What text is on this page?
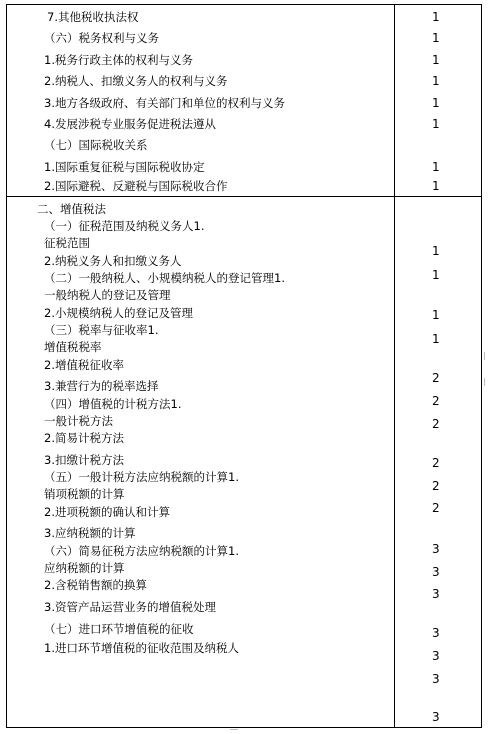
7.其他税收执法权
（六）税务权利与义务
1.税务行政主体的权利与义务
2.纳税人、扣缴义务人的权利与义务
3.地方各级政府、有关部门和单位的权利与义务
4.发展涉税专业服务促进税法遵从
（七）国际税收关系
1.国际重复征税与国际税收协定
2.国际避税、反避税与国际税收合作
二、增值税法
（一）征税范围及纳税义务人1.
征税范围
2.纳税义务人和扣缴义务人
（二）一般纳税人、小规模纳税人的登记管理1.
一般纳税人的登记及管理
2.小规模纳税人的登记及管理
（三）税率与征收率1.
增值税税率
2.增值税征收率
3.兼营行为的税率选择
（四）增值税的计税方法1.
一般计税方法
2.简易计税方法
3.扣缴计税方法
（五）一般计税方法应纳税额的计算1.
销项税额的计算
2.进项税额的确认和计算
3.应纳税额的计算
（六）简易征税方法应纳税额的计算1.
应纳税额的计算
2.含税销售额的换算
3.资管产品运营业务的增值税处理
（七）进口环节增值税的征收
1.进口环节增值税的征收范围及纳税人
1
1
1
1
1
1
1
1
1
1
1
1
2
2
2
2
2
2
3
3
3
3
3
3
3
